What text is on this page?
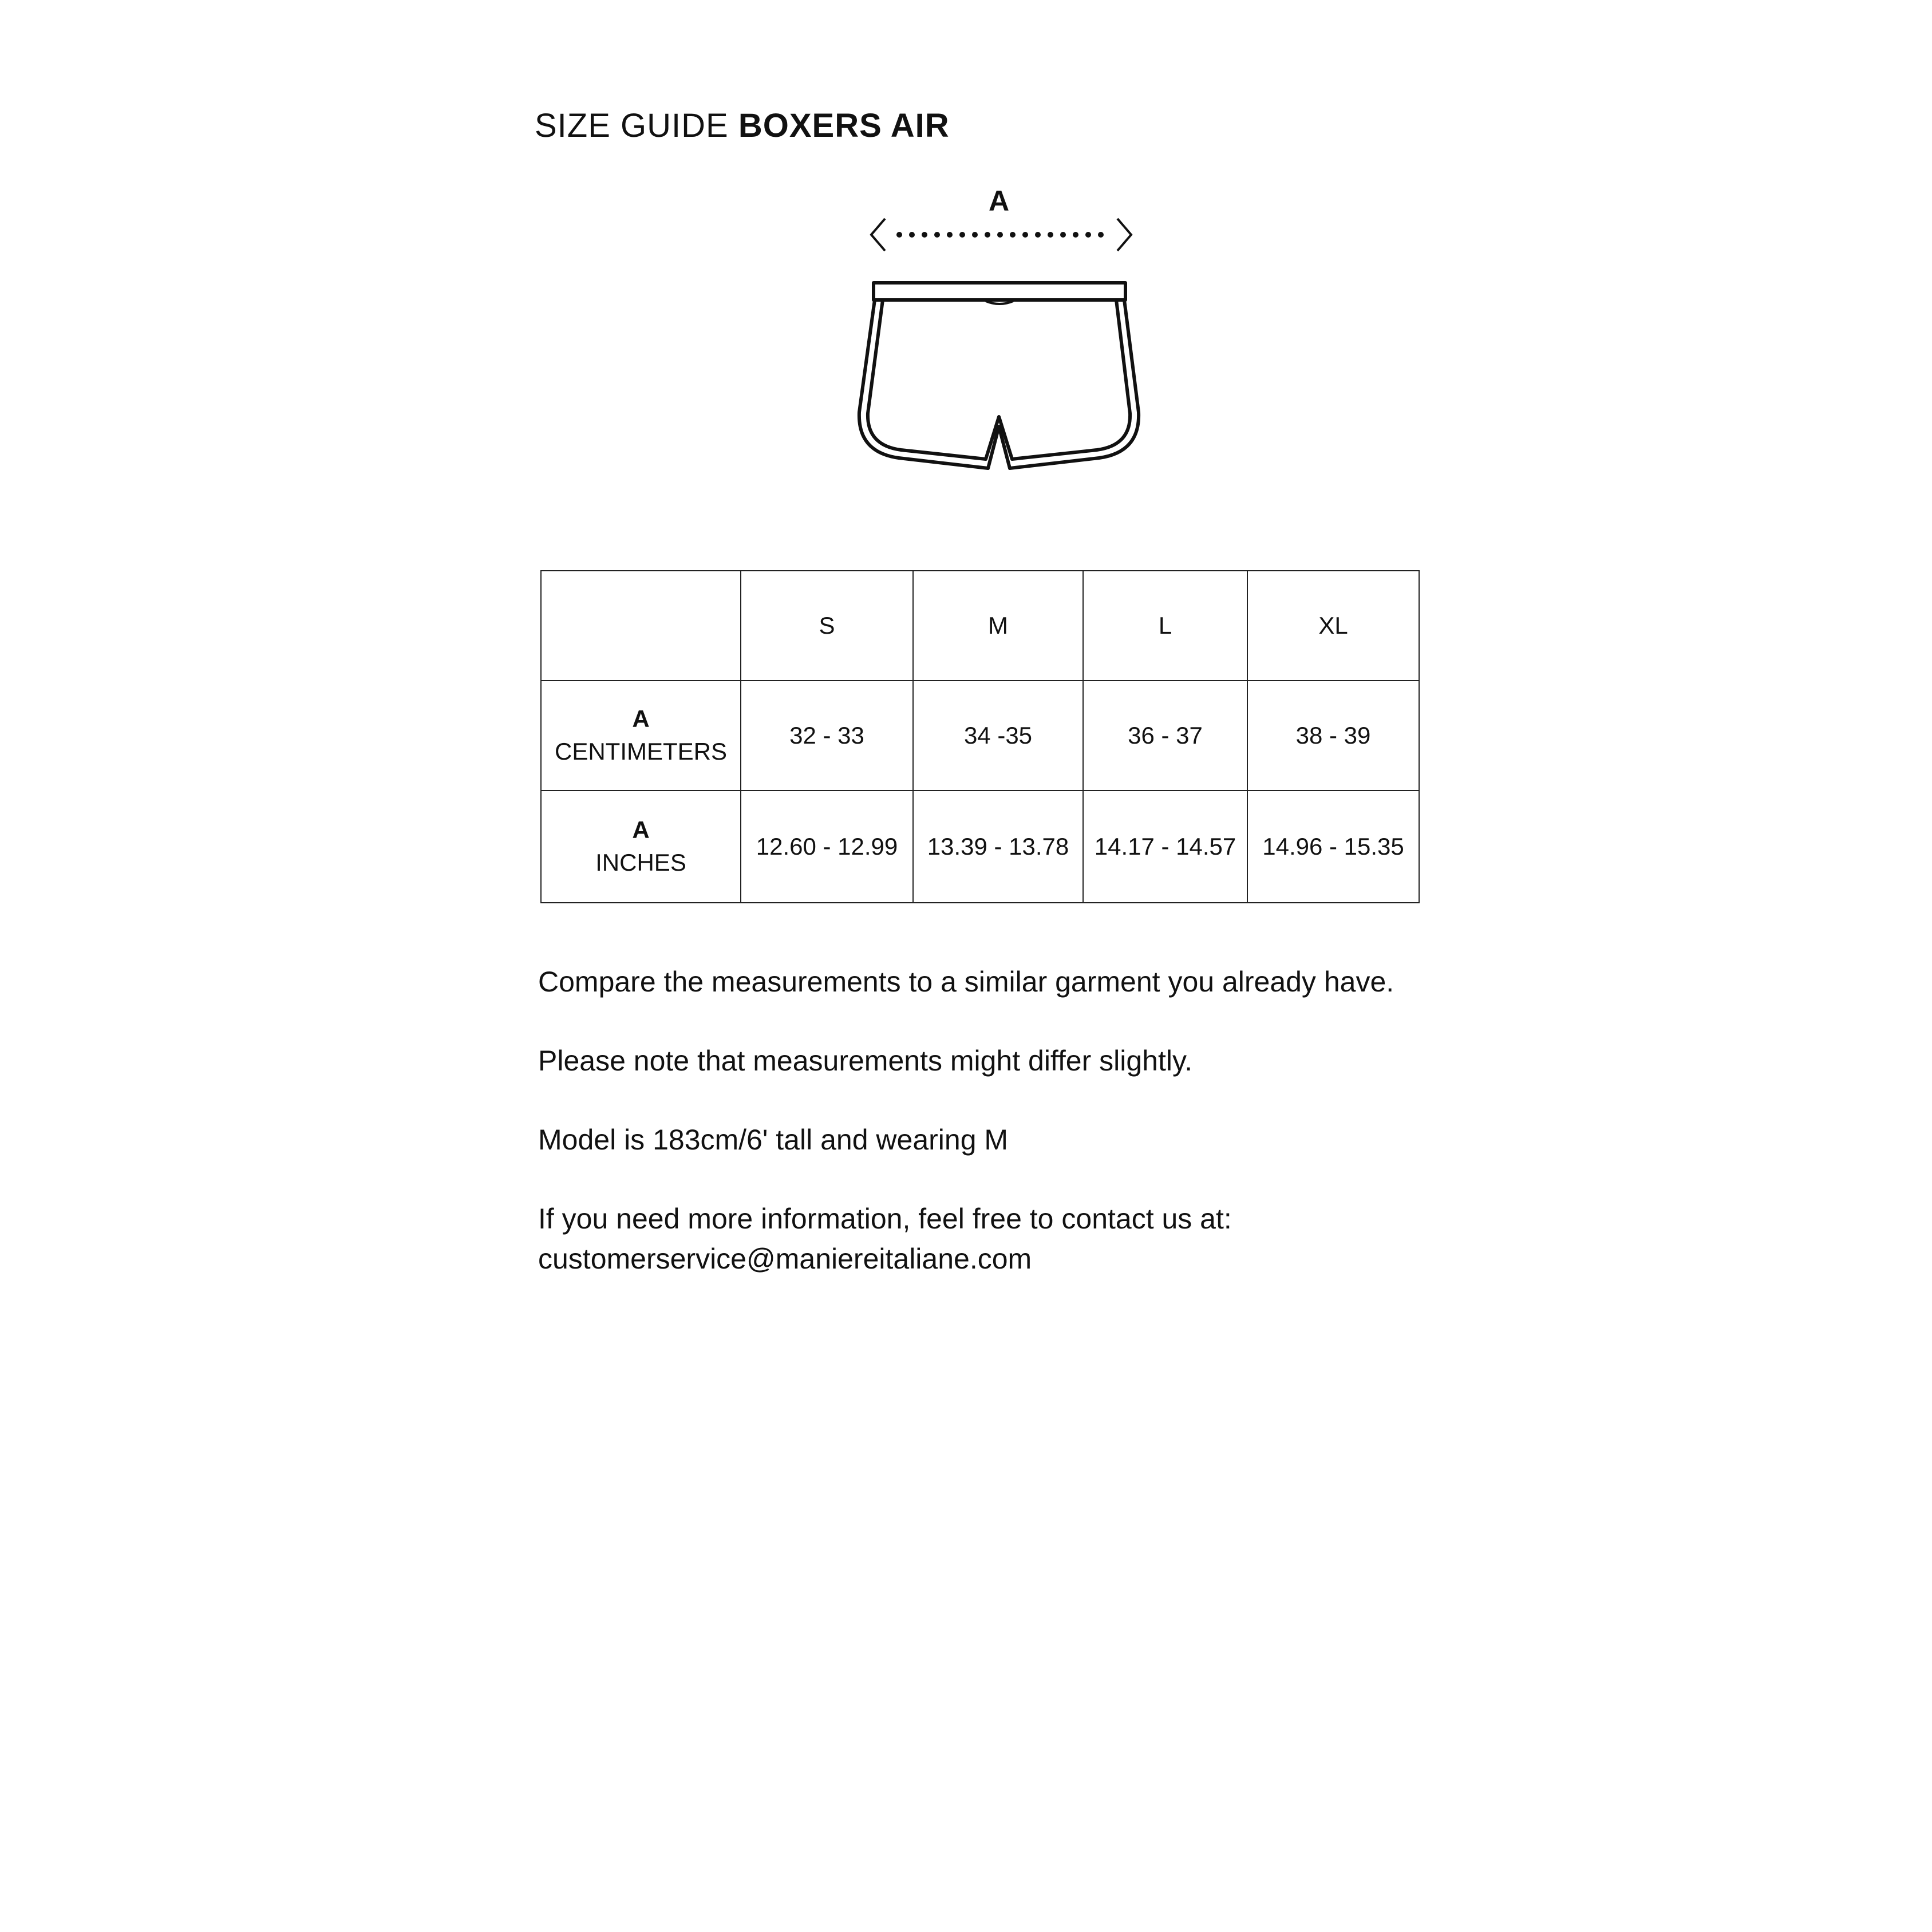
SIZE GUIDE BOXERS AIR
A
	S	M	L	XL

A
CENTIMETERS	32 - 33	34 -35	36 - 37	38 - 39

A
INCHES	12.60 - 12.99	13.39 - 13.78	14.17 - 14.57	14.96 - 15.35

Compare the measurements to a similar garment you already have.

Please note that measurements might differ slightly.

Model is 183cm/6' tall and wearing M

If you need more information, feel free to contact us at:
customerservice@maniereitaliane.com
